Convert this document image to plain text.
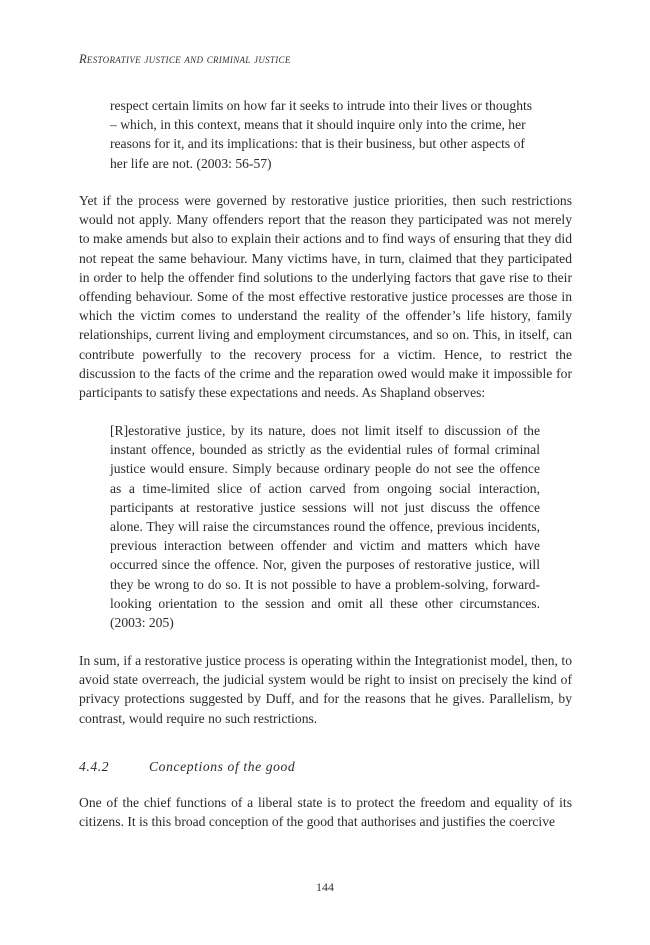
Restorative justice and criminal justice

respect certain limits on how far it seeks to intrude into their lives or thoughts – which, in this context, means that it should inquire only into the crime, her reasons for it, and its implications: that is their business, but other aspects of her life are not. (2003: 56-57)

Yet if the process were governed by restorative justice priorities, then such restrictions would not apply. Many offenders report that the reason they participated was not merely to make amends but also to explain their actions and to find ways of ensuring that they did not repeat the same behaviour. Many victims have, in turn, claimed that they participated in order to help the offender find solutions to the underlying factors that gave rise to their offending behaviour. Some of the most effective restorative justice processes are those in which the victim comes to understand the reality of the offender’s life history, family relationships, current living and employment circumstances, and so on. This, in itself, can contribute powerfully to the recovery process for a victim. Hence, to restrict the discussion to the facts of the crime and the reparation owed would make it impossible for participants to satisfy these expectations and needs. As Shapland observes:

[R]estorative justice, by its nature, does not limit itself to discussion of the instant offence, bounded as strictly as the evidential rules of formal criminal justice would ensure. Simply because ordinary people do not see the offence as a time-limited slice of action carved from ongoing social interaction, participants at restorative justice sessions will not just discuss the offence alone. They will raise the circumstances round the offence, previous incidents, previous interaction between offender and victim and matters which have occurred since the offence. Nor, given the purposes of restorative justice, will they be wrong to do so. It is not possible to have a problem-solving, forward-looking orientation to the session and omit all these other circumstances. (2003: 205)

In sum, if a restorative justice process is operating within the Integrationist model, then, to avoid state overreach, the judicial system would be right to insist on precisely the kind of privacy protections suggested by Duff, and for the reasons that he gives. Parallelism, by contrast, would require no such restrictions.

4.4.2	Conceptions of the good

One of the chief functions of a liberal state is to protect the freedom and equality of its citizens. It is this broad conception of the good that authorises and justifies the coercive

144
